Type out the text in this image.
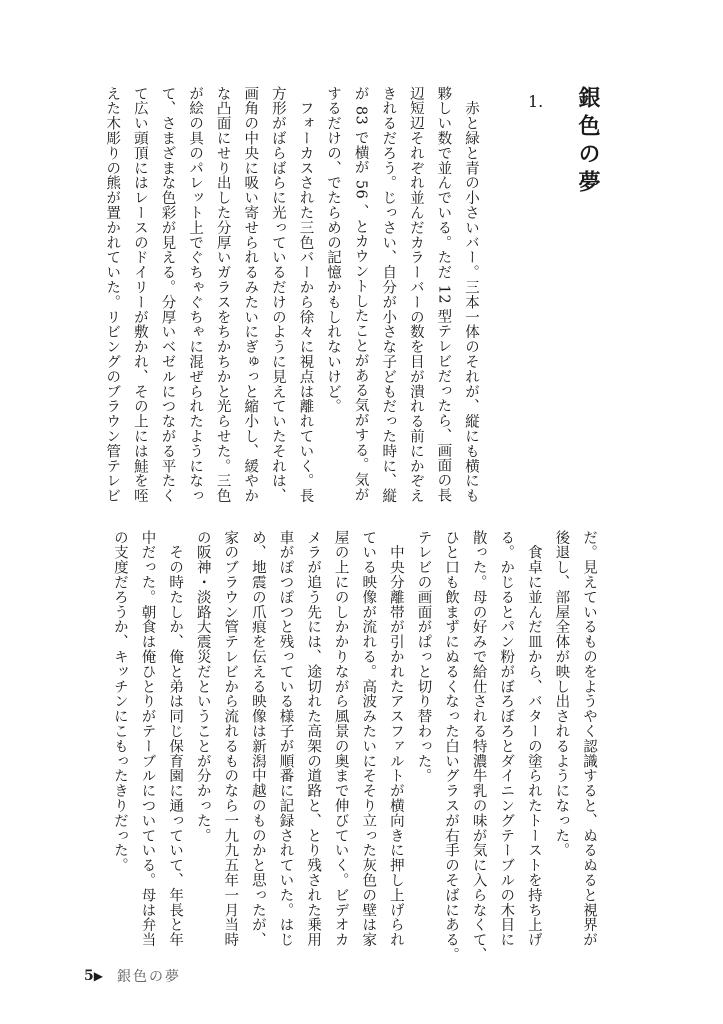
銀色の夢
1.
　赤と緑と青の小さいバー。三本一体のそれが、縦にも横にも
夥しい数で並んでいる。ただ 12 型テレビだったら、画面の長
辺短辺それぞれ並んだカラーバーの数を目が潰れる前にかぞえ
きれるだろう。じっさい、自分が小さな子どもだった時に、縦
が 83 で横が 56 、とカウントしたことがある気がする。気が
するだけの、でたらめの記憶かもしれないけど。
　フォーカスされた三色バーから徐々に視点は離れていく。長
方形がばらばらに光っているだけのように見えていたそれは、
画角の中央に吸い寄せられるみたいにぎゅっと縮小し、緩やか
な凸面にせり出した分厚いガラスをちかちかと光らせた。三色
が絵の具のパレット上でぐちゃぐちゃに混ぜられたようになっ
て、さまざまな色彩が見える。分厚いベゼルにつながる平たく
て広い頭頂にはレースのドイリーが敷かれ、その上には鮭を咥
えた木彫りの熊が置かれていた。リビングのブラウン管テレビ
だ。見えているものをようやく認識すると、ぬるぬると視界が
後退し、部屋全体が映し出されるようになった。
　食卓に並んだ皿から、バターの塗られたトーストを持ち上げ
る。かじるとパン粉がぼろぼろとダイニングテーブルの木目に
散った。母の好みで給仕される特濃牛乳の味が気に入らなくて、
ひと口も飲まずにぬるくなった白いグラスが右手のそばにある。
テレビの画面がぱっと切り替わった。
　中央分離帯が引かれたアスファルトが横向きに押し上げられ
ている映像が流れる。高波みたいにそそり立った灰色の壁は家
屋の上にのしかかりながら風景の奥まで伸びていく。ビデオカ
メラが追う先には、途切れた高架の道路と、とり残された乗用
車がぽつぽつと残っている様子が順番に記録されていた。はじ
め、地震の爪痕を伝える映像は新潟中越のものかと思ったが、
家のブラウン管テレビから流れるものなら一九九五年一月当時
の阪神・淡路大震災だということが分かった。
　その時たしか、俺と弟は同じ保育園に通っていて、年長と年
中だった。朝食は俺ひとりがテーブルについている。母は弁当
の支度だろうか、キッチンにこもったきりだった。
5 ▶ 銀色の夢
